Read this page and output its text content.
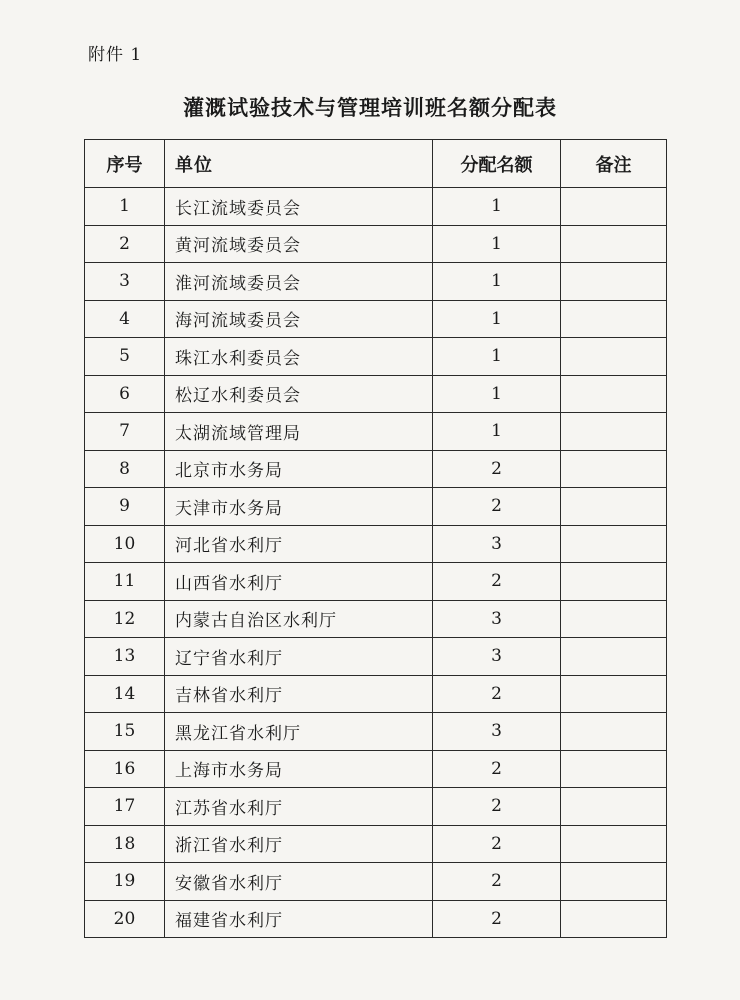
附件 1
灌溉试验技术与管理培训班名额分配表
序号	单位	分配名额	备注
1	长江流域委员会	1	
2	黄河流域委员会	1	
3	淮河流域委员会	1	
4	海河流域委员会	1	
5	珠江水利委员会	1	
6	松辽水利委员会	1	
7	太湖流域管理局	1	
8	北京市水务局	2	
9	天津市水务局	2	
10	河北省水利厅	3	
11	山西省水利厅	2	
12	内蒙古自治区水利厅	3	
13	辽宁省水利厅	3	
14	吉林省水利厅	2	
15	黑龙江省水利厅	3	
16	上海市水务局	2	
17	江苏省水利厅	2	
18	浙江省水利厅	2	
19	安徽省水利厅	2	
20	福建省水利厅	2	
